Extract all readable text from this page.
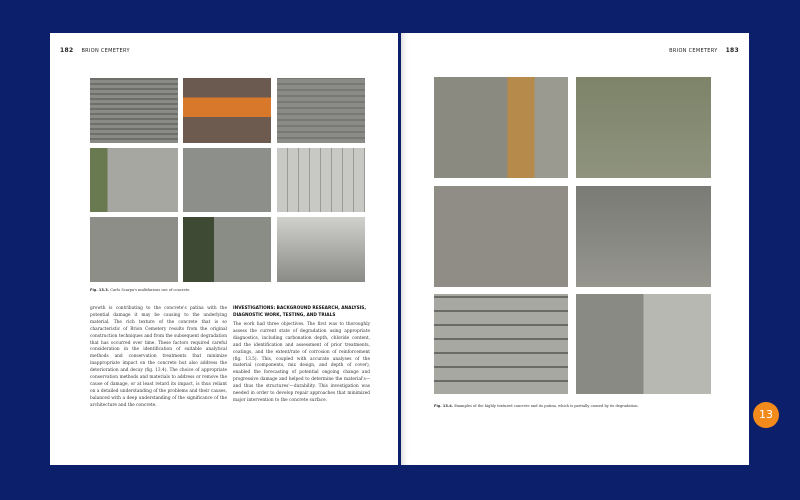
182 BRION CEMETERY
Fig. 13.3. Carlo Scarpa's multifarious use of concrete.
growth is contributing to the concrete's patina with the potential damage it may be causing to the underlying material. The rich texture of the concrete that is so characteristic of Brion Cemetery results from the original construction techniques and from the subsequent degradation that has occurred over time. These factors required careful consideration in the identification of suitable analytical methods and conservation treatments that minimize inappropriate impact on the concrete but also address the deterioration and decay (fig. 13.4). The choice of appropriate conservation methods and materials to address or remove the cause of damage, or at least retard its impact, is thus reliant on a detailed understanding of the problems and their causes, balanced with a deep understanding of the significance of the architecture and the concrete.
INVESTIGATIONS: BACKGROUND RESEARCH, ANALYSIS, DIAGNOSTIC WORK, TESTING, AND TRIALS
The work had three objectives. The first was to thoroughly assess the current state of degradation using appropriate diagnostics, including carbonation depth, chloride content, and the identification and assessment of prior treatments, coatings, and the extent/rate of corrosion of reinforcement (fig. 13.5). This, coupled with accurate analyses of the material (components, mix design, and depth of cover), enabled the forecasting of potential ongoing change and progressive damage and helped to determine the material's—and thus the structures'—durability. This investigation was needed in order to develop repair approaches that minimized major intervention to the concrete surface.
BRION CEMETERY 183
Fig. 13.4. Examples of the highly textured concrete and its patina, which is partially caused by its degradation.
13
